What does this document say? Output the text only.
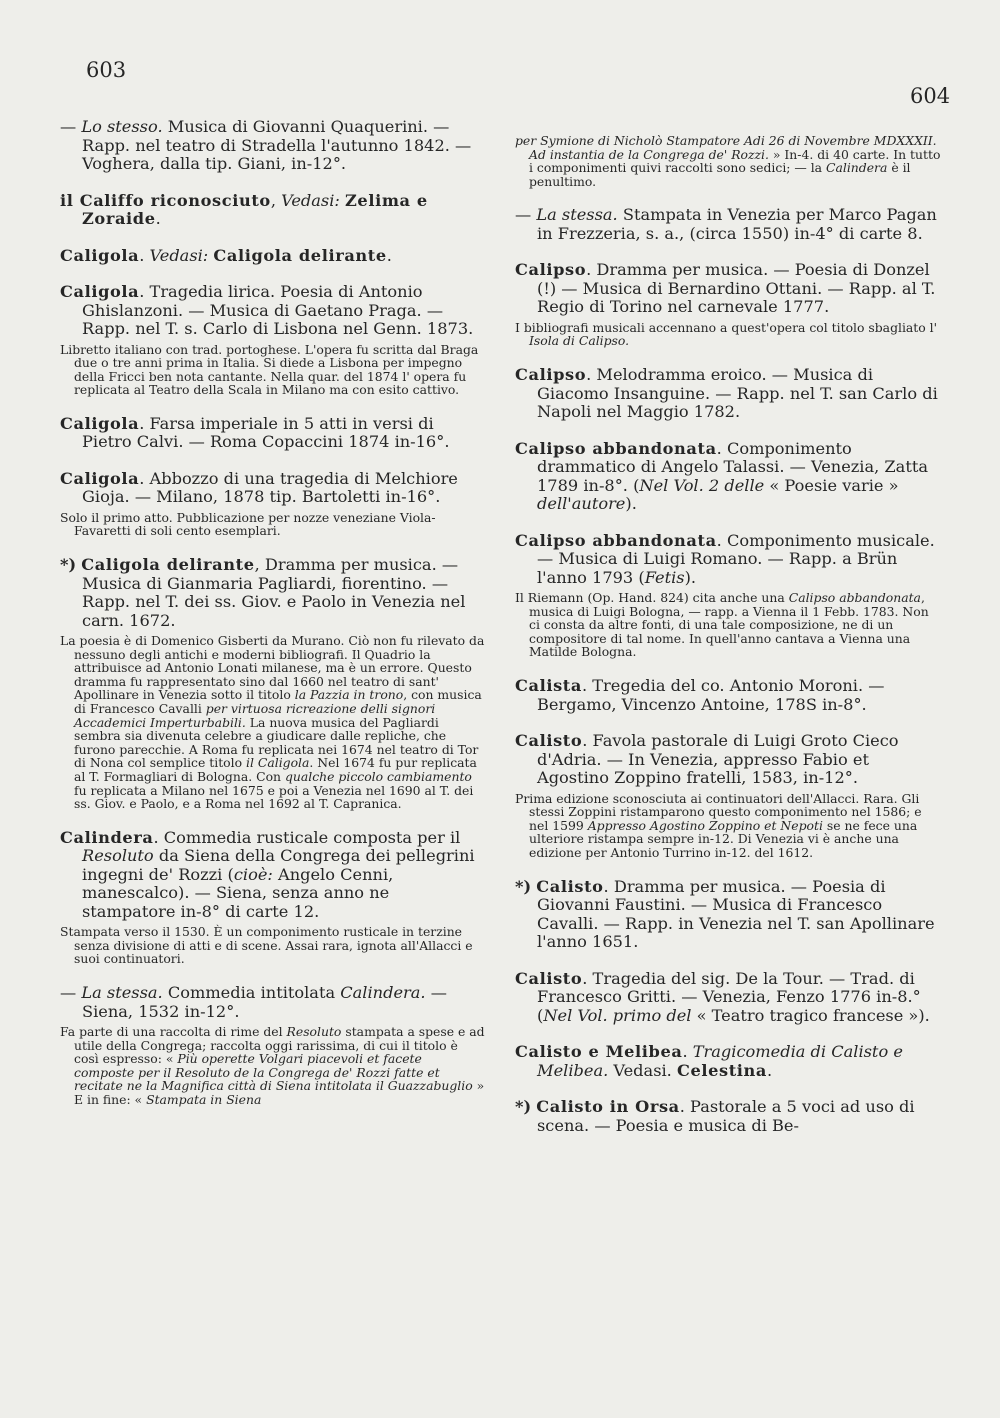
603
604

— Lo stesso. Musica di Giovanni Quaquerini. — Rapp. nel teatro di Stradella l'autunno 1842. — Voghera, dalla tip. Giani, in-12°.

il Califfo riconosciuto, Vedasi: Zelima e Zoraide.

Caligola. Vedasi: Caligola delirante.

Caligola. Tragedia lirica. Poesia di Antonio Ghislanzoni. — Musica di Gaetano Praga. — Rapp. nel T. s. Carlo di Lisbona nel Genn. 1873.

Libretto italiano con trad. portoghese. L'opera fu scritta dal Braga due o tre anni prima in Italia. Si diede a Lisbona per impegno della Fricci ben nota cantante. Nella quar. del 1874 l' opera fu replicata al Teatro della Scala in Milano ma con esito cattivo.

Caligola. Farsa imperiale in 5 atti in versi di Pietro Calvi. — Roma Copaccini 1874 in-16°.

Caligola. Abbozzo di una tragedia di Melchiore Gioja. — Milano, 1878 tip. Bartoletti in-16°.

Solo il primo atto. Pubblicazione per nozze veneziane Viola-Favaretti di soli cento esemplari.

*) Caligola delirante, Dramma per musica. — Musica di Gianmaria Pagliardi, fiorentino. — Rapp. nel T. dei ss. Giov. e Paolo in Venezia nel carn. 1672.

La poesia è di Domenico Gisberti da Murano. Ciò non fu rilevato da nessuno degli antichi e moderni bibliografi. Il Quadrio la attribuisce ad Antonio Lonati milanese, ma è un errore. Questo dramma fu rappresentato sino dal 1660 nel teatro di sant' Apollinare in Venezia sotto il titolo la Pazzia in trono, con musica di Francesco Cavalli per virtuosa ricreazione delli signori Accademici Imperturbabili. La nuova musica del Pagliardi sembra sia divenuta celebre a giudicare dalle repliche, che furono parecchie. A Roma fu replicata nei 1674 nel teatro di Tor di Nona col semplice titolo il Caligola. Nel 1674 fu pur replicata al T. Formagliari di Bologna. Con qualche piccolo cambiamento fu replicata a Milano nel 1675 e poi a Venezia nel 1690 al T. dei ss. Giov. e Paolo, e a Roma nel 1692 al T. Capranica.

Calindera. Commedia rusticale composta per il Resoluto da Siena della Congrega dei pellegrini ingegni de' Rozzi (cioè: Angelo Cenni, manescalco). — Siena, senza anno ne stampatore in-8° di carte 12.

Stampata verso il 1530. È un componimento rusticale in terzine senza divisione di atti e di scene. Assai rara, ignota all'Allacci e suoi continuatori.

— La stessa. Commedia intitolata Calindera. — Siena, 1532 in-12°.

Fa parte di una raccolta di rime del Resoluto stampata a spese e ad utile della Congrega; raccolta oggi rarissima, di cui il titolo è così espresso: « Più operette Volgari piacevoli et facete composte per il Resoluto de la Congrega de' Rozzi fatte et recitate ne la Magnifica città di Siena intitolata il Guazzabuglio » E in fine: « Stampata in Siena

per Symione di Nicholò Stampatore Adi 26 di Novembre MDXXXII. Ad instantia de la Congrega de' Rozzi. » In-4. di 40 carte. In tutto i componimenti quivi raccolti sono sedici; — la Calindera è il penultimo.

— La stessa. Stampata in Venezia per Marco Pagan in Frezzeria, s. a., (circa 1550) in-4° di carte 8.

Calipso. Dramma per musica. — Poesia di Donzel (!) — Musica di Bernardino Ottani. — Rapp. al T. Regio di Torino nel carnevale 1777.

I bibliografi musicali accennano a quest'opera col titolo sbagliato l' Isola di Calipso.

Calipso. Melodramma eroico. — Musica di Giacomo Insanguine. — Rapp. nel T. san Carlo di Napoli nel Maggio 1782.

Calipso abbandonata. Componimento drammatico di Angelo Talassi. — Venezia, Zatta 1789 in-8°. (Nel Vol. 2 delle « Poesie varie » dell'autore).

Calipso abbandonata. Componimento musicale. — Musica di Luigi Romano. — Rapp. a Brün l'anno 1793 (Fetis).

Il Riemann (Op. Hand. 824) cita anche una Calipso abbandonata, musica di Luigi Bologna, — rapp. a Vienna il 1 Febb. 1783. Non ci consta da altre fonti, di una tale composizione, ne di un compositore di tal nome. In quell'anno cantava a Vienna una Matilde Bologna.

Calista. Tregedia del co. Antonio Moroni. — Bergamo, Vincenzo Antoine, 178S in-8°.

Calisto. Favola pastorale di Luigi Groto Cieco d'Adria. — In Venezia, appresso Fabio et Agostino Zoppino fratelli, 1583, in-12°.

Prima edizione sconosciuta ai continuatori dell'Allacci. Rara. Gli stessi Zoppini ristamparono questo componimento nel 1586; e nel 1599 Appresso Agostino Zoppino et Nepoti se ne fece una ulteriore ristampa sempre in-12. Di Venezia vi è anche una edizione per Antonio Turrino in-12. del 1612.

*) Calisto. Dramma per musica. — Poesia di Giovanni Faustini. — Musica di Francesco Cavalli. — Rapp. in Venezia nel T. san Apollinare l'anno 1651.

Calisto. Tragedia del sig. De la Tour. — Trad. di Francesco Gritti. — Venezia, Fenzo 1776 in-8.° (Nel Vol. primo del « Teatro tragico francese »).

Calisto e Melibea. Tragicomedia di Calisto e Melibea. Vedasi. Celestina.

*) Calisto in Orsa. Pastorale a 5 voci ad uso di scena. — Poesia e musica di Be-
